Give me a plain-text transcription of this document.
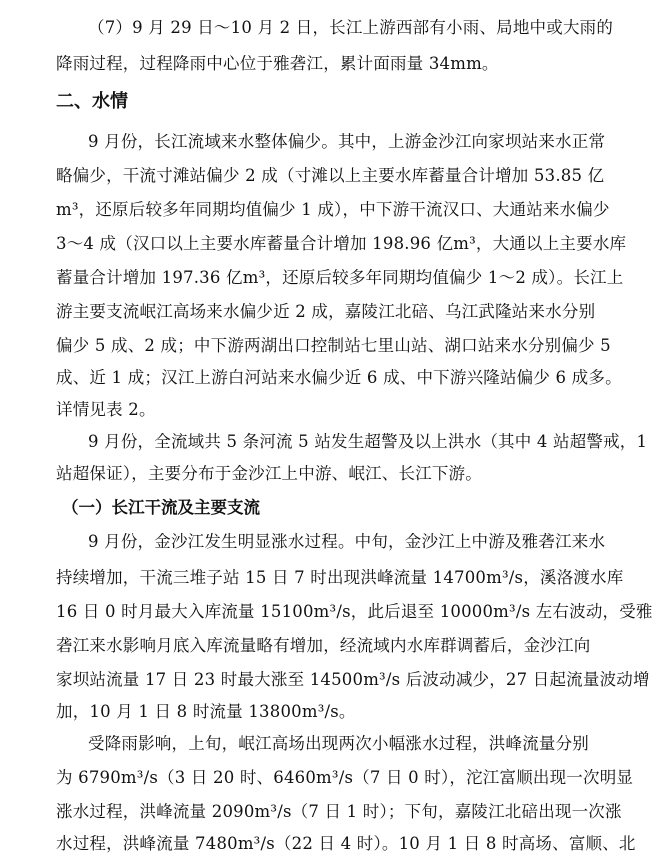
（7）9 月 29 日～10 月 2 日，长江上游西部有小雨、局地中或大雨的
降雨过程，过程降雨中心位于雅砻江，累计面雨量 34mm。
二、水情
9 月份，长江流域来水整体偏少。其中，上游金沙江向家坝站来水正常
略偏少，干流寸滩站偏少 2 成（寸滩以上主要水库蓄量合计增加 53.85 亿
m³，还原后较多年同期均值偏少 1 成），中下游干流汉口、大通站来水偏少
3～4 成（汉口以上主要水库蓄量合计增加 198.96 亿m³，大通以上主要水库
蓄量合计增加 197.36 亿m³，还原后较多年同期均值偏少 1～2 成）。长江上
游主要支流岷江高场来水偏少近 2 成，嘉陵江北碚、乌江武隆站来水分别
偏少 5 成、2 成；中下游两湖出口控制站七里山站、湖口站来水分别偏少 5
成、近 1 成；汉江上游白河站来水偏少近 6 成、中下游兴隆站偏少 6 成多。
详情见表 2。
9 月份，全流域共 5 条河流 5 站发生超警及以上洪水（其中 4 站超警戒，1
站超保证），主要分布于金沙江上中游、岷江、长江下游。
（一）长江干流及主要支流
9 月份，金沙江发生明显涨水过程。中旬，金沙江上中游及雅砻江来水
持续增加，干流三堆子站 15 日 7 时出现洪峰流量 14700m³/s，溪洛渡水库
16 日 0 时月最大入库流量 15100m³/s，此后退至 10000m³/s 左右波动，受雅
砻江来水影响月底入库流量略有增加，经流域内水库群调蓄后，金沙江向
家坝站流量 17 日 23 时最大涨至 14500m³/s 后波动减少，27 日起流量波动增
加，10 月 1 日 8 时流量 13800m³/s。
受降雨影响，上旬，岷江高场出现两次小幅涨水过程，洪峰流量分别
为 6790m³/s（3 日 20 时、6460m³/s（7 日 0 时），沱江富顺出现一次明显
涨水过程，洪峰流量 2090m³/s（7 日 1 时）；下旬，嘉陵江北碚出现一次涨
水过程，洪峰流量 7480m³/s（22 日 4 时）。10 月 1 日 8 时高场、富顺、北
